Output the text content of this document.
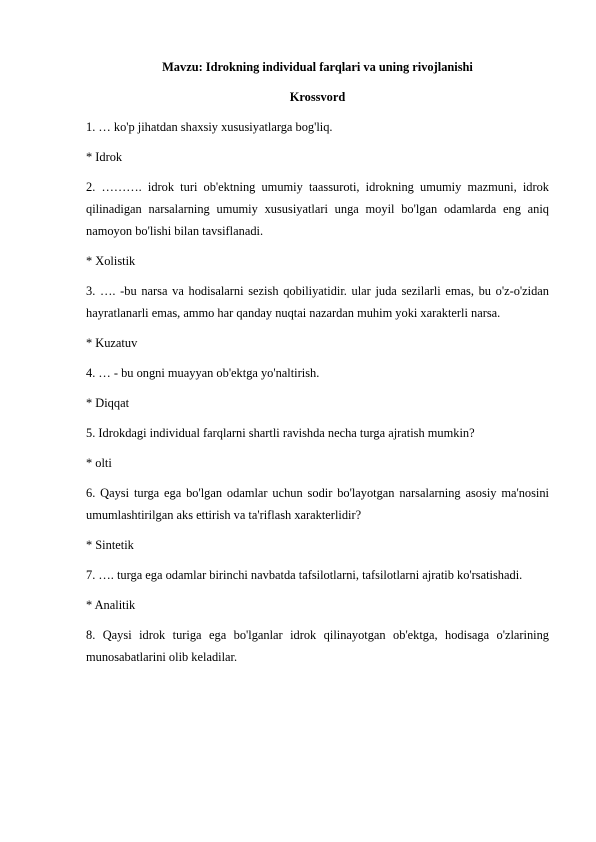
Mavzu: Idrokning individual farqlari va uning rivojlanishi

Krossvord

1. … ko'p jihatdan shaxsiy xususiyatlarga bog'liq.

* Idrok

2. ………. idrok turi ob'ektning umumiy taassuroti, idrokning umumiy mazmuni, idrok qilinadigan narsalarning umumiy xususiyatlari unga moyil bo'lgan odamlarda eng aniq namoyon bo'lishi bilan tavsiflanadi.

* Xolistik

3. …. -bu narsa va hodisalarni sezish qobiliyatidir. ular juda sezilarli emas, bu o'z-o'zidan hayratlanarli emas, ammo har qanday nuqtai nazardan muhim yoki xarakterli narsa.

* Kuzatuv

4. … - bu ongni muayyan ob'ektga yo'naltirish.

* Diqqat

5. Idrokdagi individual farqlarni shartli ravishda necha turga ajratish mumkin?

* olti

6. Qaysi turga ega bo'lgan odamlar uchun sodir bo'layotgan narsalarning asosiy ma'nosini umumlashtirilgan aks ettirish va ta'riflash xarakterlidir?

* Sintetik

7. …. turga ega odamlar birinchi navbatda tafsilotlarni, tafsilotlarni ajratib ko'rsatishadi.

* Analitik

8. Qaysi idrok turiga ega bo'lganlar idrok qilinayotgan ob'ektga, hodisaga o'zlarining munosabatlarini olib keladilar.
